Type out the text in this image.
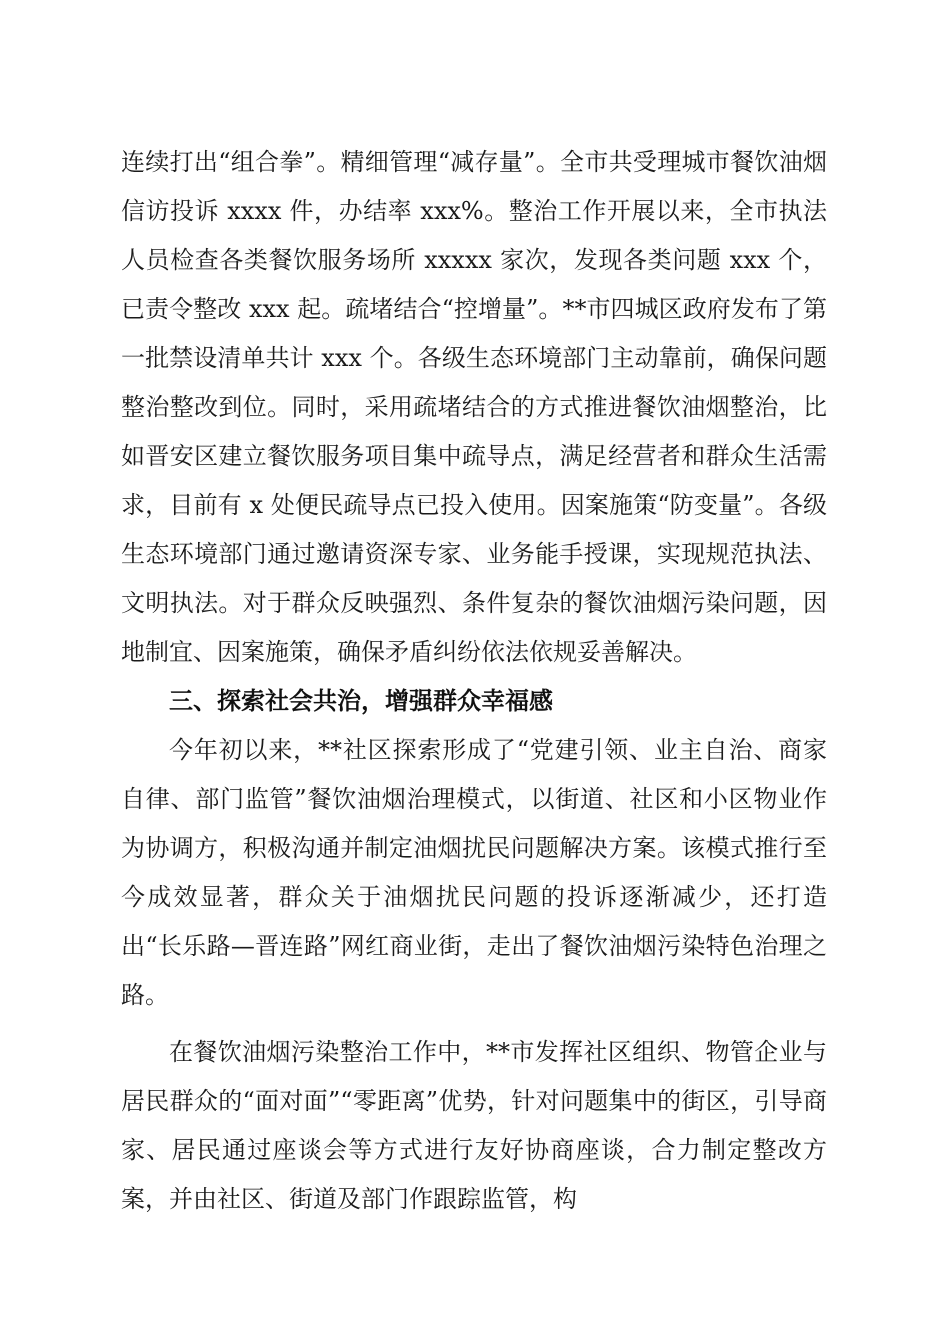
连续打出“组合拳”。精细管理“减存量”。全市共受理城市餐饮油烟信访投诉 xxxx 件，办结率 xxx%。整治工作开展以来，全市执法人员检查各类餐饮服务场所 xxxxx 家次，发现各类问题 xxx 个，已责令整改 xxx 起。疏堵结合“控增量”。**市四城区政府发布了第一批禁设清单共计 xxx 个。各级生态环境部门主动靠前，确保问题整治整改到位。同时，采用疏堵结合的方式推进餐饮油烟整治，比如晋安区建立餐饮服务项目集中疏导点，满足经营者和群众生活需求，目前有 x 处便民疏导点已投入使用。因案施策“防变量”。各级生态环境部门通过邀请资深专家、业务能手授课，实现规范执法、文明执法。对于群众反映强烈、条件复杂的餐饮油烟污染问题，因地制宜、因案施策，确保矛盾纠纷依法依规妥善解决。

三、探索社会共治，增强群众幸福感

今年初以来，**社区探索形成了“党建引领、业主自治、商家自律、部门监管”餐饮油烟治理模式，以街道、社区和小区物业作为协调方，积极沟通并制定油烟扰民问题解决方案。该模式推行至今成效显著，群众关于油烟扰民问题的投诉逐渐减少，还打造出“长乐路—晋连路”网红商业街，走出了餐饮油烟污染特色治理之路。

在餐饮油烟污染整治工作中，**市发挥社区组织、物管企业与居民群众的“面对面”“零距离”优势，针对问题集中的街区，引导商家、居民通过座谈会等方式进行友好协商座谈，合力制定整改方案，并由社区、街道及部门作跟踪监管，构
